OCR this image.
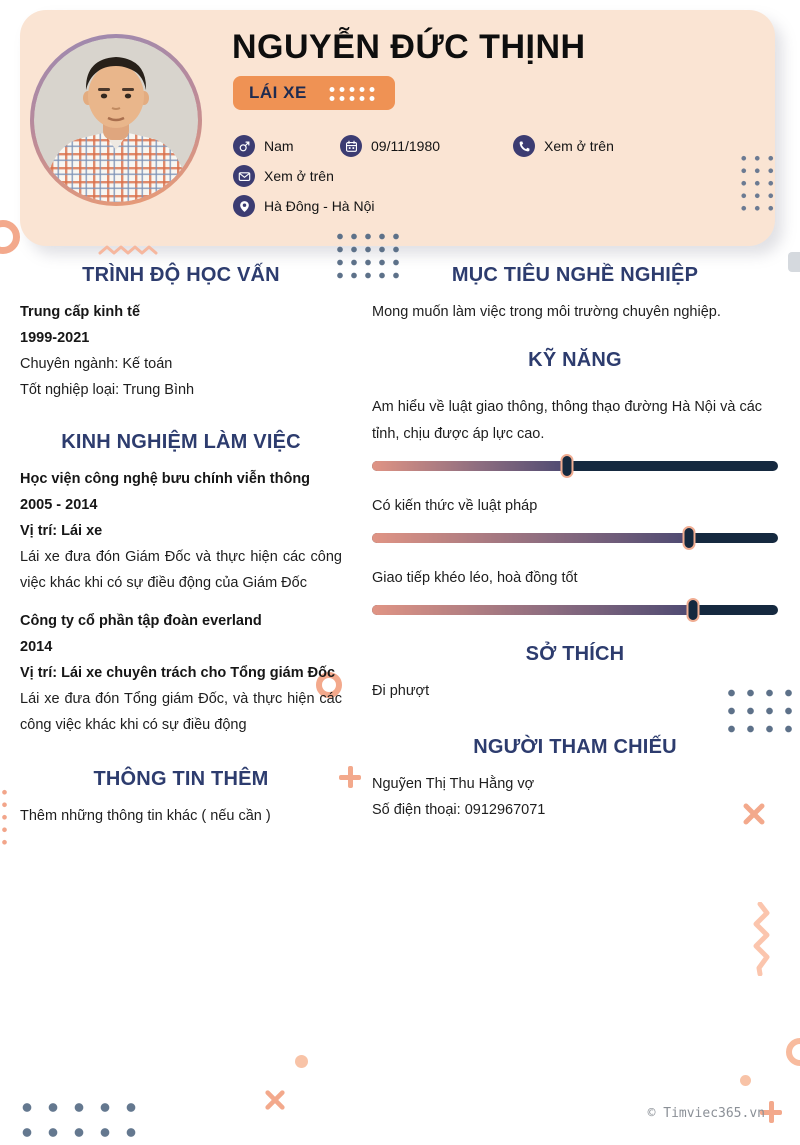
NGUYỄN ĐỨC THỊNH
LÁI XE
Nam	09/11/1980	Xem ở trên
Xem ở trên
Hà Đông - Hà Nội
TRÌNH ĐỘ HỌC VẤN

Trung cấp kinh tế

1999-2021

Chuyên ngành: Kế toán

Tốt nghiệp loại: Trung Bình

KINH NGHIỆM LÀM VIỆC

Học viện công nghệ bưu chính viễn thông

2005 - 2014

Vị trí: Lái xe

Lái xe đưa đón Giám Đốc và thực hiện các công việc khác khi có sự điều động của Giám Đốc

Công ty cổ phần tập đoàn everland

2014

Vị trí: Lái xe chuyên trách cho Tổng giám Đốc

Lái xe đưa đón Tổng giám Đốc, và thực hiện các công việc khác khi có sự điều động

THÔNG TIN THÊM

Thêm những thông tin khác ( nếu cần )

MỤC TIÊU NGHỀ NGHIỆP

Mong muốn làm việc trong môi trường chuyên nghiệp.

KỸ NĂNG

Am hiểu về luật giao thông, thông thạo đường Hà Nội và các tỉnh, chịu được áp lực cao.

Có kiến thức về luật pháp

Giao tiếp khéo léo, hoà đồng tốt

SỞ THÍCH

Đi phượt

NGƯỜI THAM CHIẾU

Nguỹen Thị Thu Hằng vợ

Số điện thoại: 0912967071

© Timviec365.vn
